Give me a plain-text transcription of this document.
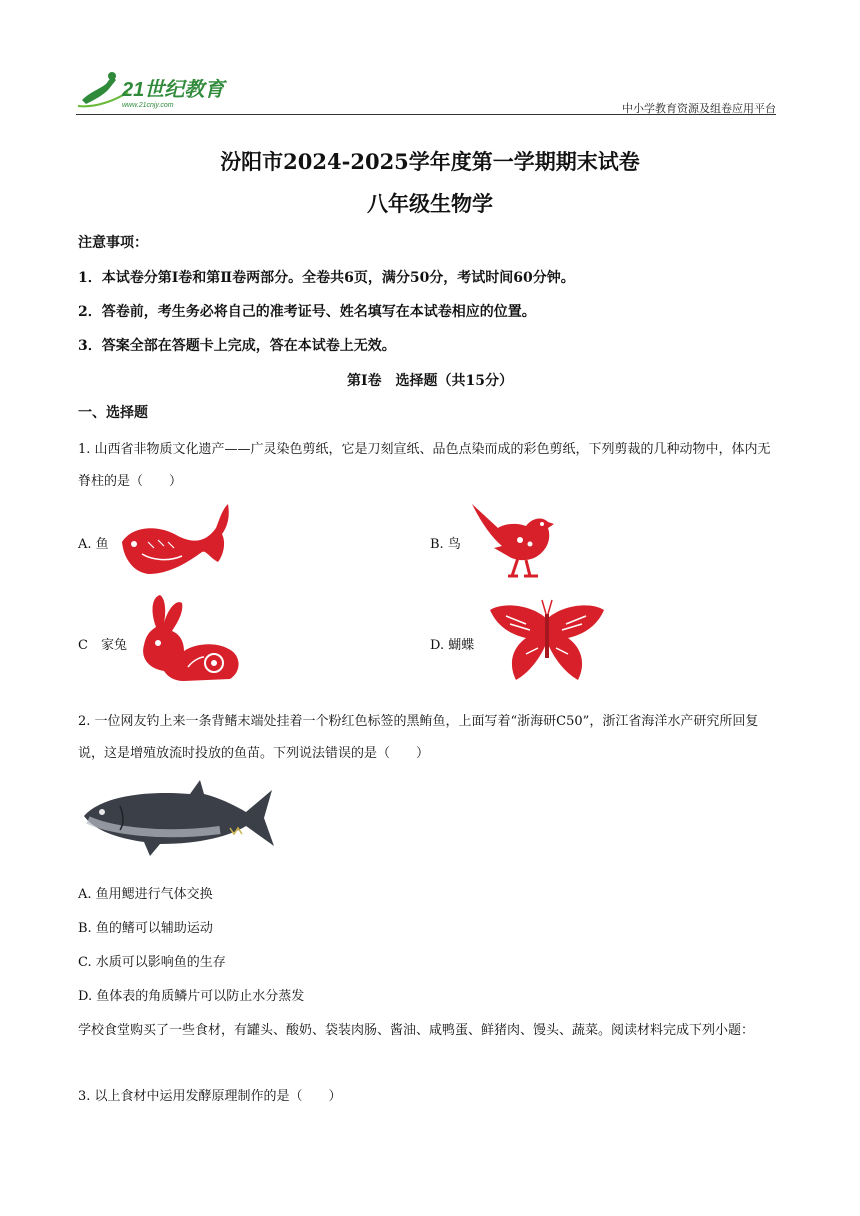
21世纪教育
www.21cnjy.com	中小学教育资源及组卷应用平台
汾阳市2024-2025学年度第一学期期末试卷
八年级生物学
注意事项：
1．本试卷分第Ⅰ卷和第Ⅱ卷两部分。全卷共6页，满分50分，考试时间60分钟。
2．答卷前，考生务必将自己的准考证号、姓名填写在本试卷相应的位置。
3．答案全部在答题卡上完成，答在本试卷上无效。
第Ⅰ卷　选择题（共15分）
一、选择题
1. 山西省非物质文化遗产——广灵染色剪纸，它是刀刻宣纸、品色点染而成的彩色剪纸，下列剪裁的几种动物中，体内无脊柱的是（　　）
A. 鱼	B. 鸟
C　家兔	D. 蝴蝶
2. 一位网友钓上来一条背鳍末端处挂着一个粉红色标签的黑鲔鱼，上面写着“浙海研C50”，浙江省海洋水产研究所回复说，这是增殖放流时投放的鱼苗。下列说法错误的是（　　）
A. 鱼用鳃进行气体交换
B. 鱼的鳍可以辅助运动
C. 水质可以影响鱼的生存
D. 鱼体表的角质鳞片可以防止水分蒸发
学校食堂购买了一些食材，有罐头、酸奶、袋装肉肠、酱油、咸鸭蛋、鲜猪肉、馒头、蔬菜。阅读材料完成下列小题：
3. 以上食材中运用发酵原理制作的是（　　）
